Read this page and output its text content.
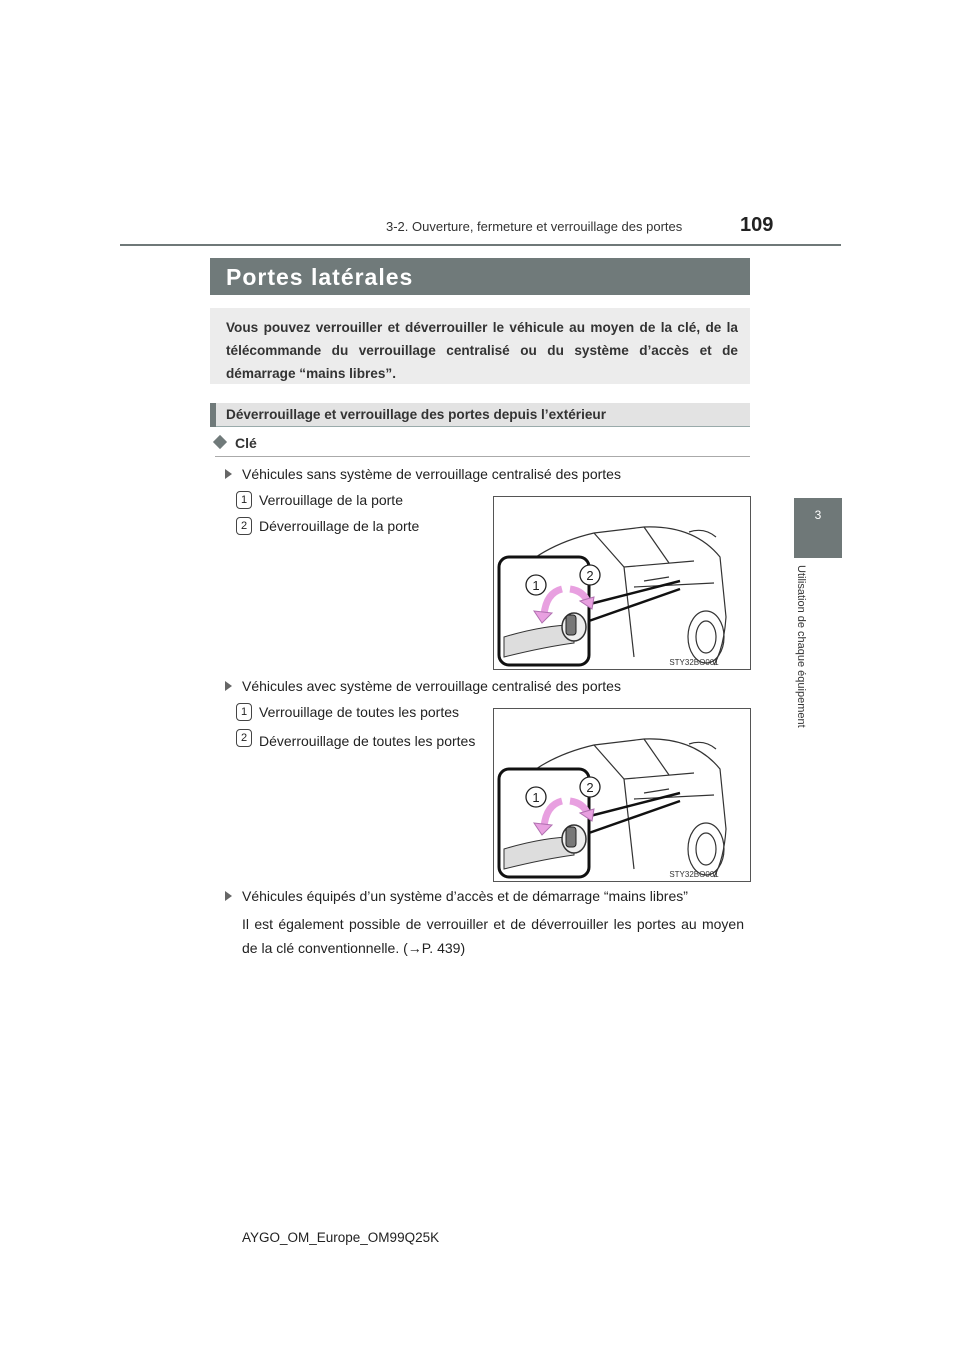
3-2. Ouverture, fermeture et verrouillage des portes	109
3
Utilisation de chaque équipement
Portes latérales
Vous pouvez verrouiller et déverrouiller le véhicule au moyen de la clé, de la télécommande du verrouillage centralisé ou du système d’accès et de démarrage “mains libres”.
Déverrouillage et verrouillage des portes depuis l’extérieur
Clé
Véhicules sans système de verrouillage centralisé des portes
1 Verrouillage de la porte
2 Déverrouillage de la porte
1
2
STY32BO001
Véhicules avec système de verrouillage centralisé des portes
1 Verrouillage de toutes les portes
2 Déverrouillage de toutes les portes
1
2
STY32BO001
Véhicules équipés d’un système d’accès et de démarrage “mains libres”
Il est également possible de verrouiller et de déverrouiller les portes au moyen de la clé conventionnelle. (→P. 439)
AYGO_OM_Europe_OM99Q25K
